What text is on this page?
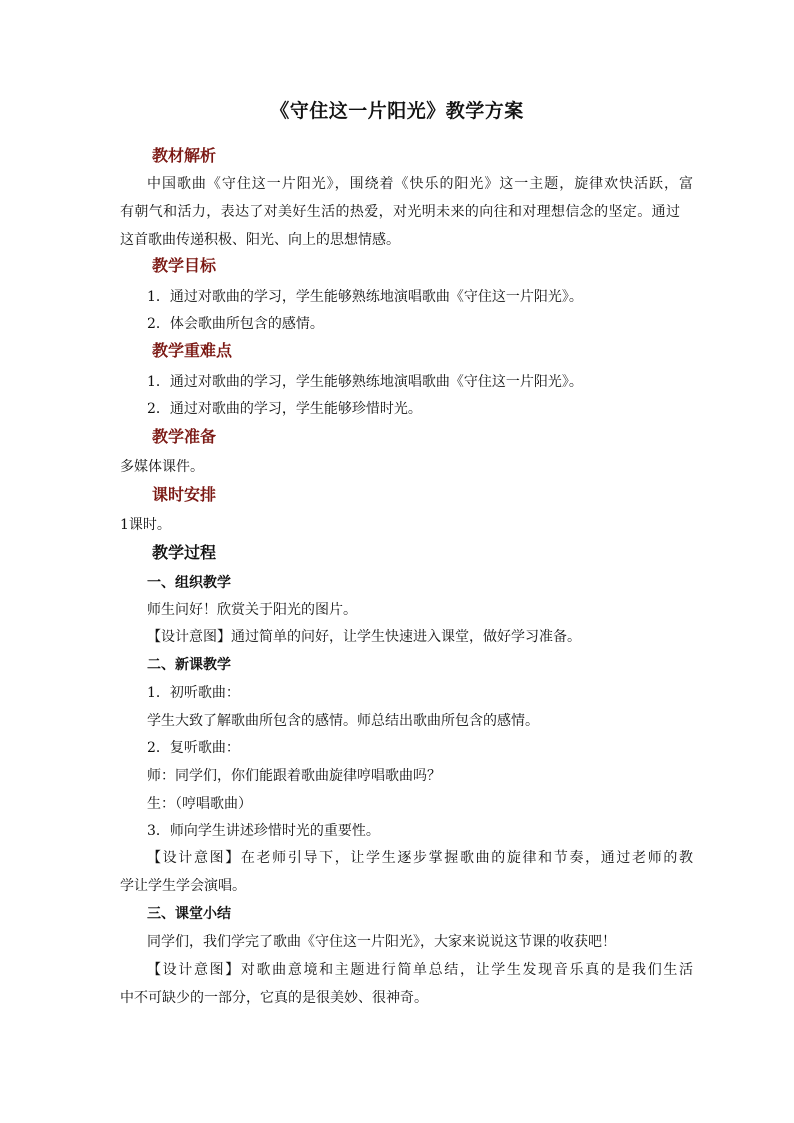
《守住这一片阳光》教学方案
教材解析
中国歌曲《守住这一片阳光》，围绕着《快乐的阳光》这一主题，旋律欢快活跃，富
有朝气和活力，表达了对美好生活的热爱，对光明未来的向往和对理想信念的坚定。通过
这首歌曲传递积极、阳光、向上的思想情感。
教学目标
1．通过对歌曲的学习，学生能够熟练地演唱歌曲《守住这一片阳光》。
2．体会歌曲所包含的感情。
教学重难点
1．通过对歌曲的学习，学生能够熟练地演唱歌曲《守住这一片阳光》。
2．通过对歌曲的学习，学生能够珍惜时光。
教学准备
多媒体课件。
课时安排
1课时。
教学过程
一、组织教学
师生问好！欣赏关于阳光的图片。
【设计意图】通过简单的问好，让学生快速进入课堂，做好学习准备。
二、新课教学
1．初听歌曲：
学生大致了解歌曲所包含的感情。师总结出歌曲所包含的感情。
2．复听歌曲：
师：同学们，你们能跟着歌曲旋律哼唱歌曲吗？
生：（哼唱歌曲）
3．师向学生讲述珍惜时光的重要性。
【设计意图】在老师引导下，让学生逐步掌握歌曲的旋律和节奏，通过老师的教
学让学生学会演唱。
三、课堂小结
同学们，我们学完了歌曲《守住这一片阳光》，大家来说说这节课的收获吧！
【设计意图】对歌曲意境和主题进行简单总结，让学生发现音乐真的是我们生活
中不可缺少的一部分，它真的是很美妙、很神奇。
